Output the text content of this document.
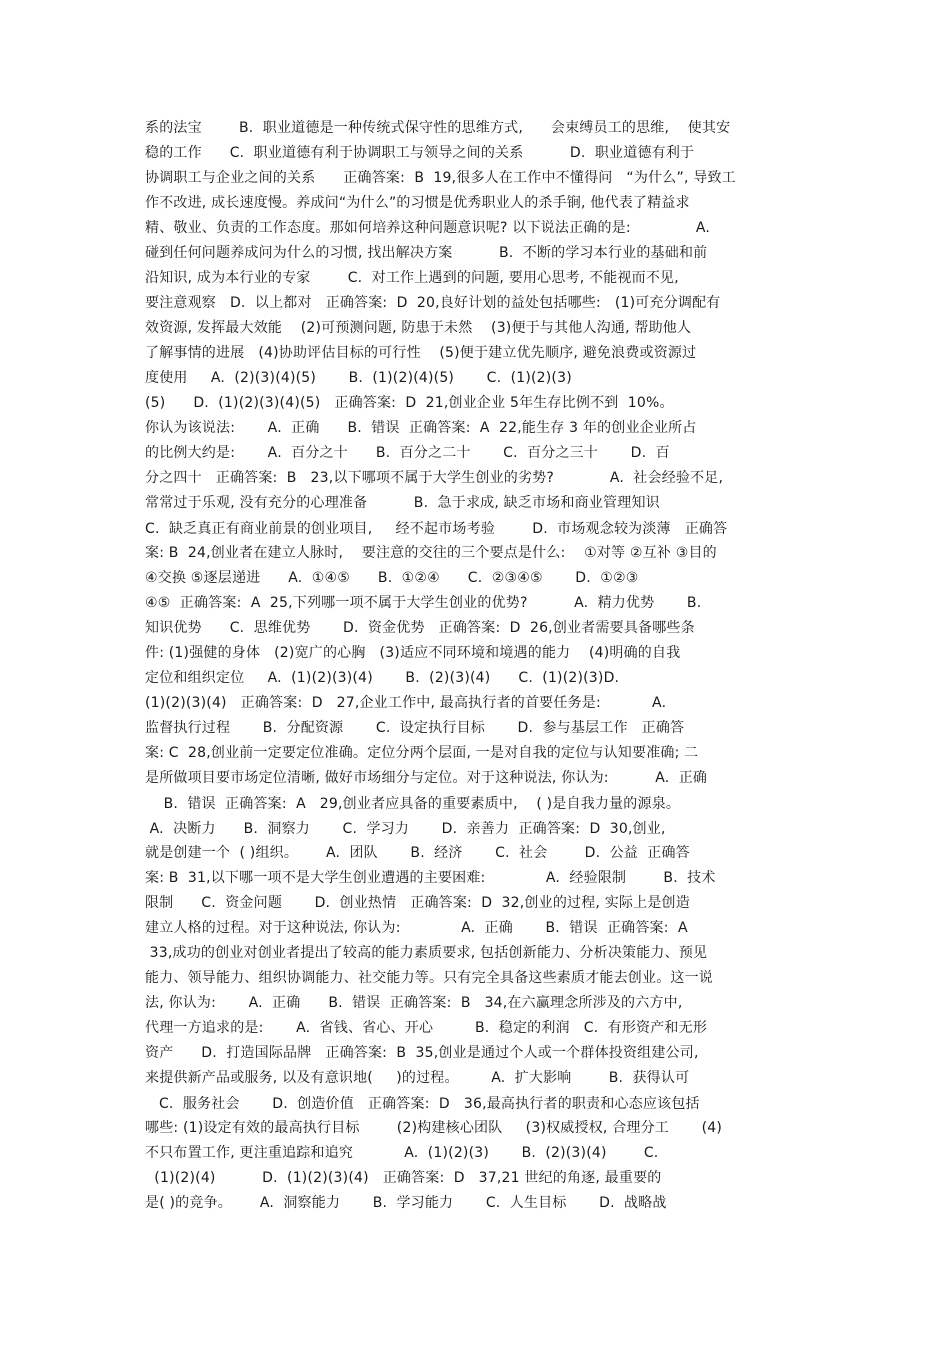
系的法宝        B.  职业道德是一种传统式保守性的思维方式,      会束缚员工的思维,    使其安
稳的工作      C.  职业道德有利于协调职工与领导之间的关系          D.  职业道德有利于
协调职工与企业之间的关系      正确答案:  B  19,很多人在工作中不懂得问   “为什么”, 导致工
作不改进, 成长速度慢。养成问“为什么”的习惯是优秀职业人的杀手锏, 他代表了精益求
精、敬业、负责的工作态度。那如何培养这种问题意识呢? 以下说法正确的是:              A.
碰到任何问题养成问为什么的习惯, 找出解决方案          B.  不断的学习本行业的基础和前
沿知识, 成为本行业的专家        C.  对工作上遇到的问题, 要用心思考, 不能视而不见,
要注意观察   D.  以上都对   正确答案:  D  20,良好计划的益处包括哪些:   (1)可充分调配有
效资源, 发挥最大效能    (2)可预测问题, 防患于未然    (3)便于与其他人沟通, 帮助他人
了解事情的进展   (4)协助评估目标的可行性    (5)便于建立优先顺序, 避免浪费或资源过
度使用     A.  (2)(3)(4)(5)       B.  (1)(2)(4)(5)       C.  (1)(2)(3)
(5)      D.  (1)(2)(3)(4)(5)   正确答案:  D  21,创业企业 5年生存比例不到  10%。
你认为该说法:       A.  正确      B.  错误  正确答案:  A  22,能生存 3 年的创业企业所占
的比例大约是:       A.  百分之十      B.  百分之二十       C.  百分之三十       D.  百
分之四十   正确答案:  B   23,以下哪项不属于大学生创业的劣势?            A.  社会经验不足,
常常过于乐观, 没有充分的心理准备          B.  急于求成, 缺乏市场和商业管理知识
C.  缺乏真正有商业前景的创业项目,     经不起市场考验        D.  市场观念较为淡薄   正确答
案: B  24,创业者在建立人脉时,    要注意的交往的三个要点是什么:    ①对等 ②互补 ③目的
④交换 ⑤逐层递进      A.  ①④⑤      B.  ①②④      C.  ②③④⑤       D.  ①②③
④⑤  正确答案:  A  25,下列哪一项不属于大学生创业的优势?          A.  精力优势       B.
知识优势      C.  思维优势       D.  资金优势   正确答案:  D  26,创业者需要具备哪些条
件: (1)强健的身体   (2)宽广的心胸   (3)适应不同环境和境遇的能力    (4)明确的自我
定位和组织定位     A.  (1)(2)(3)(4)       B.  (2)(3)(4)      C.  (1)(2)(3)D.
(1)(2)(3)(4)   正确答案:  D   27,企业工作中, 最高执行者的首要任务是:           A.
监督执行过程       B.  分配资源       C.  设定执行目标       D.  参与基层工作   正确答
案: C  28,创业前一定要定位准确。定位分两个层面, 一是对自我的定位与认知要准确; 二
是所做项目要市场定位清晰, 做好市场细分与定位。对于这种说法, 你认为:          A.  正确
B.  错误  正确答案:  A   29,创业者应具备的重要素质中,    ( )是自我力量的源泉。
A.  决断力      B.  洞察力       C.  学习力       D.  亲善力  正确答案:  D  30,创业,
就是创建一个  ( )组织。      A.  团队       B.  经济       C.  社会        D.  公益  正确答
案: B  31,以下哪一项不是大学生创业遭遇的主要困难:             A.  经验限制        B.  技术
限制      C.  资金问题       D.  创业热情   正确答案:  D  32,创业的过程, 实际上是创造
建立人格的过程。对于这种说法, 你认为:             A.  正确       B.  错误  正确答案:  A
33,成功的创业对创业者提出了较高的能力素质要求, 包括创新能力、分析决策能力、预见
能力、领导能力、组织协调能力、社交能力等。只有完全具备这些素质才能去创业。这一说
法, 你认为:       A.  正确      B.  错误  正确答案:  B   34,在六赢理念所涉及的六方中,
代理一方追求的是:       A.  省钱、省心、开心         B.  稳定的利润   C.  有形资产和无形
资产      D.  打造国际品牌   正确答案:  B  35,创业是通过个人或一个群体投资组建公司,
来提供新产品或服务, 以及有意识地(     )的过程。       A.  扩大影响        B.  获得认可
C.  服务社会       D.  创造价值   正确答案:  D   36,最高执行者的职责和心态应该包括
哪些: (1)设定有效的最高执行目标        (2)构建核心团队     (3)权威授权, 合理分工       (4)
不只布置工作, 更注重追踪和追究           A.  (1)(2)(3)       B.  (2)(3)(4)        C.
(1)(2)(4)          D.  (1)(2)(3)(4)   正确答案:  D   37,21 世纪的角逐, 最重要的
是( )的竞争。      A.  洞察能力       B.  学习能力       C.  人生目标       D.  战略战
